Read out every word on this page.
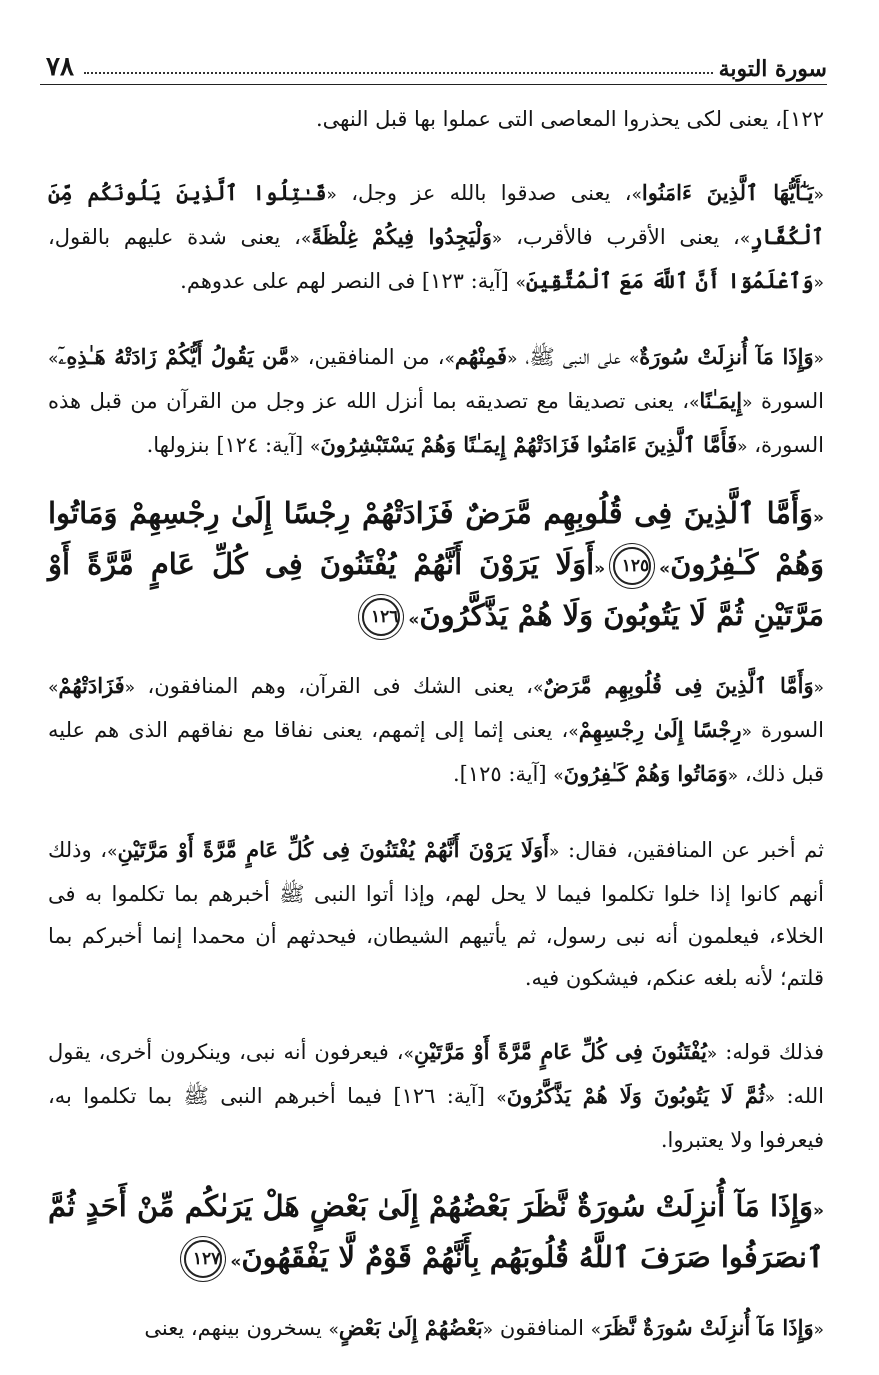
سورة التوبة
٧٨

١٢٢]، يعنى لكى يحذروا المعاصى التى عملوا بها قبل النهى.

«يَـٰٓأَيُّهَا ٱلَّذِينَ ءَامَنُوا»، يعنى صدقوا بالله عز وجل، «قَـٰتِلُوا ٱلَّذِينَ يَلُونَكُم مِّنَ ٱلْكُفَّارِ»، يعنى الأقرب فالأقرب، «وَلْيَجِدُوا فِيكُمْ غِلْظَةً»، يعنى شدة عليهم بالقول، «وَٱعْلَمُوٓا أَنَّ ٱللَّهَ مَعَ ٱلْمُتَّقِينَ» [آية: ١٢٣] فى النصر لهم على عدوهم.

«وَإِذَا مَآ أُنزِلَتْ سُورَةٌ» على النبى ﷺ، «فَمِنْهُم»، من المنافقين، «مَّن يَقُولُ أَيُّكُمْ زَادَتْهُ هَـٰذِهِۦٓ» السورة «إِيمَـٰنًا»، يعنى تصديقا مع تصديقه بما أنزل الله عز وجل من القرآن من قبل هذه السورة، «فَأَمَّا ٱلَّذِينَ ءَامَنُوا فَزَادَتْهُمْ إِيمَـٰنًا وَهُمْ يَسْتَبْشِرُونَ» [آية: ١٢٤] بنزولها.

«وَأَمَّا ٱلَّذِينَ فِى قُلُوبِهِم مَّرَضٌ فَزَادَتْهُمْ رِجْسًا إِلَىٰ رِجْسِهِمْ وَمَاتُوا وَهُمْ كَـٰفِرُونَ»١٢٥«أَوَلَا يَرَوْنَ أَنَّهُمْ يُفْتَنُونَ فِى كُلِّ عَامٍ مَّرَّةً أَوْ مَرَّتَيْنِ ثُمَّ لَا يَتُوبُونَ وَلَا هُمْ يَذَّكَّرُونَ»١٢٦

«وَأَمَّا ٱلَّذِينَ فِى قُلُوبِهِم مَّرَضٌ»، يعنى الشك فى القرآن، وهم المنافقون، «فَزَادَتْهُمْ» السورة «رِجْسًا إِلَىٰ رِجْسِهِمْ»، يعنى إثما إلى إثمهم، يعنى نفاقا مع نفاقهم الذى هم عليه قبل ذلك، «وَمَاتُوا وَهُمْ كَـٰفِرُونَ» [آية: ١٢٥].

ثم أخبر عن المنافقين، فقال: «أَوَلَا يَرَوْنَ أَنَّهُمْ يُفْتَنُونَ فِى كُلِّ عَامٍ مَّرَّةً أَوْ مَرَّتَيْنِ»، وذلك أنهم كانوا إذا خلوا تكلموا فيما لا يحل لهم، وإذا أتوا النبى ﷺ أخبرهم بما تكلموا به فى الخلاء، فيعلمون أنه نبى رسول، ثم يأتيهم الشيطان، فيحدثهم أن محمدا إنما أخبركم بما قلتم؛ لأنه بلغه عنكم، فيشكون فيه.

فذلك قوله: «يُفْتَنُونَ فِى كُلِّ عَامٍ مَّرَّةً أَوْ مَرَّتَيْنِ»، فيعرفون أنه نبى، وينكرون أخرى، يقول الله: «ثُمَّ لَا يَتُوبُونَ وَلَا هُمْ يَذَّكَّرُونَ» [آية: ١٢٦] فيما أخبرهم النبى ﷺ بما تكلموا به، فيعرفوا ولا يعتبروا.

«وَإِذَا مَآ أُنزِلَتْ سُورَةٌ نَّظَرَ بَعْضُهُمْ إِلَىٰ بَعْضٍ هَلْ يَرَىٰكُم مِّنْ أَحَدٍ ثُمَّ ٱنصَرَفُوا صَرَفَ ٱللَّهُ قُلُوبَهُم بِأَنَّهُمْ قَوْمٌ لَّا يَفْقَهُونَ»١٢٧

«وَإِذَا مَآ أُنزِلَتْ سُورَةٌ نَّظَرَ» المنافقون «بَعْضُهُمْ إِلَىٰ بَعْضٍ» يسخرون بينهم، يعنى
